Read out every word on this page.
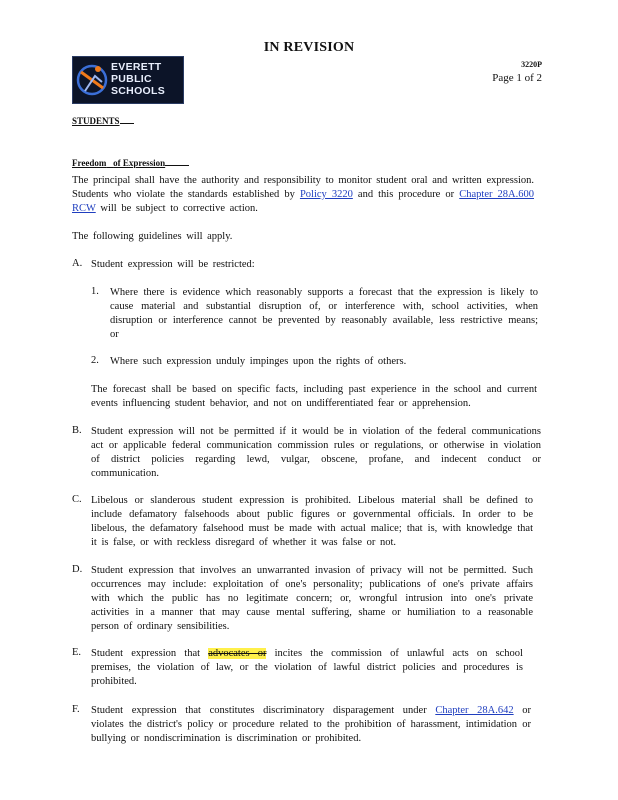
IN REVISION
EVERETT
PUBLIC
SCHOOLS
3220P
Page 1 of 2
STUDENTS
Freedom of Expression
The principal shall have the authority and responsibility to monitor student oral and written expression. Students who violate the standards established by Policy 3220 and this procedure or Chapter 28A.600 RCW will be subject to corrective action.
The following guidelines will apply.
A. Student expression will be restricted:
1. Where there is evidence which reasonably supports a forecast that the expression is likely to cause material and substantial disruption of, or interference with, school activities, when disruption or interference cannot be prevented by reasonably available, less restrictive means; or
2. Where such expression unduly impinges upon the rights of others.
The forecast shall be based on specific facts, including past experience in the school and current events influencing student behavior, and not on undifferentiated fear or apprehension.
B. Student expression will not be permitted if it would be in violation of the federal communications act or applicable federal communication commission rules or regulations, or otherwise in violation of district policies regarding lewd, vulgar, obscene, profane, and indecent conduct or communication.
C. Libelous or slanderous student expression is prohibited. Libelous material shall be defined to include defamatory falsehoods about public figures or governmental officials. In order to be libelous, the defamatory falsehood must be made with actual malice; that is, with knowledge that it is false, or with reckless disregard of whether it was false or not.
D. Student expression that involves an unwarranted invasion of privacy will not be permitted. Such occurrences may include: exploitation of one's personality; publications of one's private affairs with which the public has no legitimate concern; or, wrongful intrusion into one's private activities in a manner that may cause mental suffering, shame or humiliation to a reasonable person of ordinary sensibilities.
E. Student expression that advocates or incites the commission of unlawful acts on school premises, the violation of law, or the violation of lawful district policies and procedures is prohibited.
F. Student expression that constitutes discriminatory disparagement under Chapter 28A.642 or violates the district's policy or procedure related to the prohibition of harassment, intimidation or bullying or nondiscrimination is discrimination or prohibited.
